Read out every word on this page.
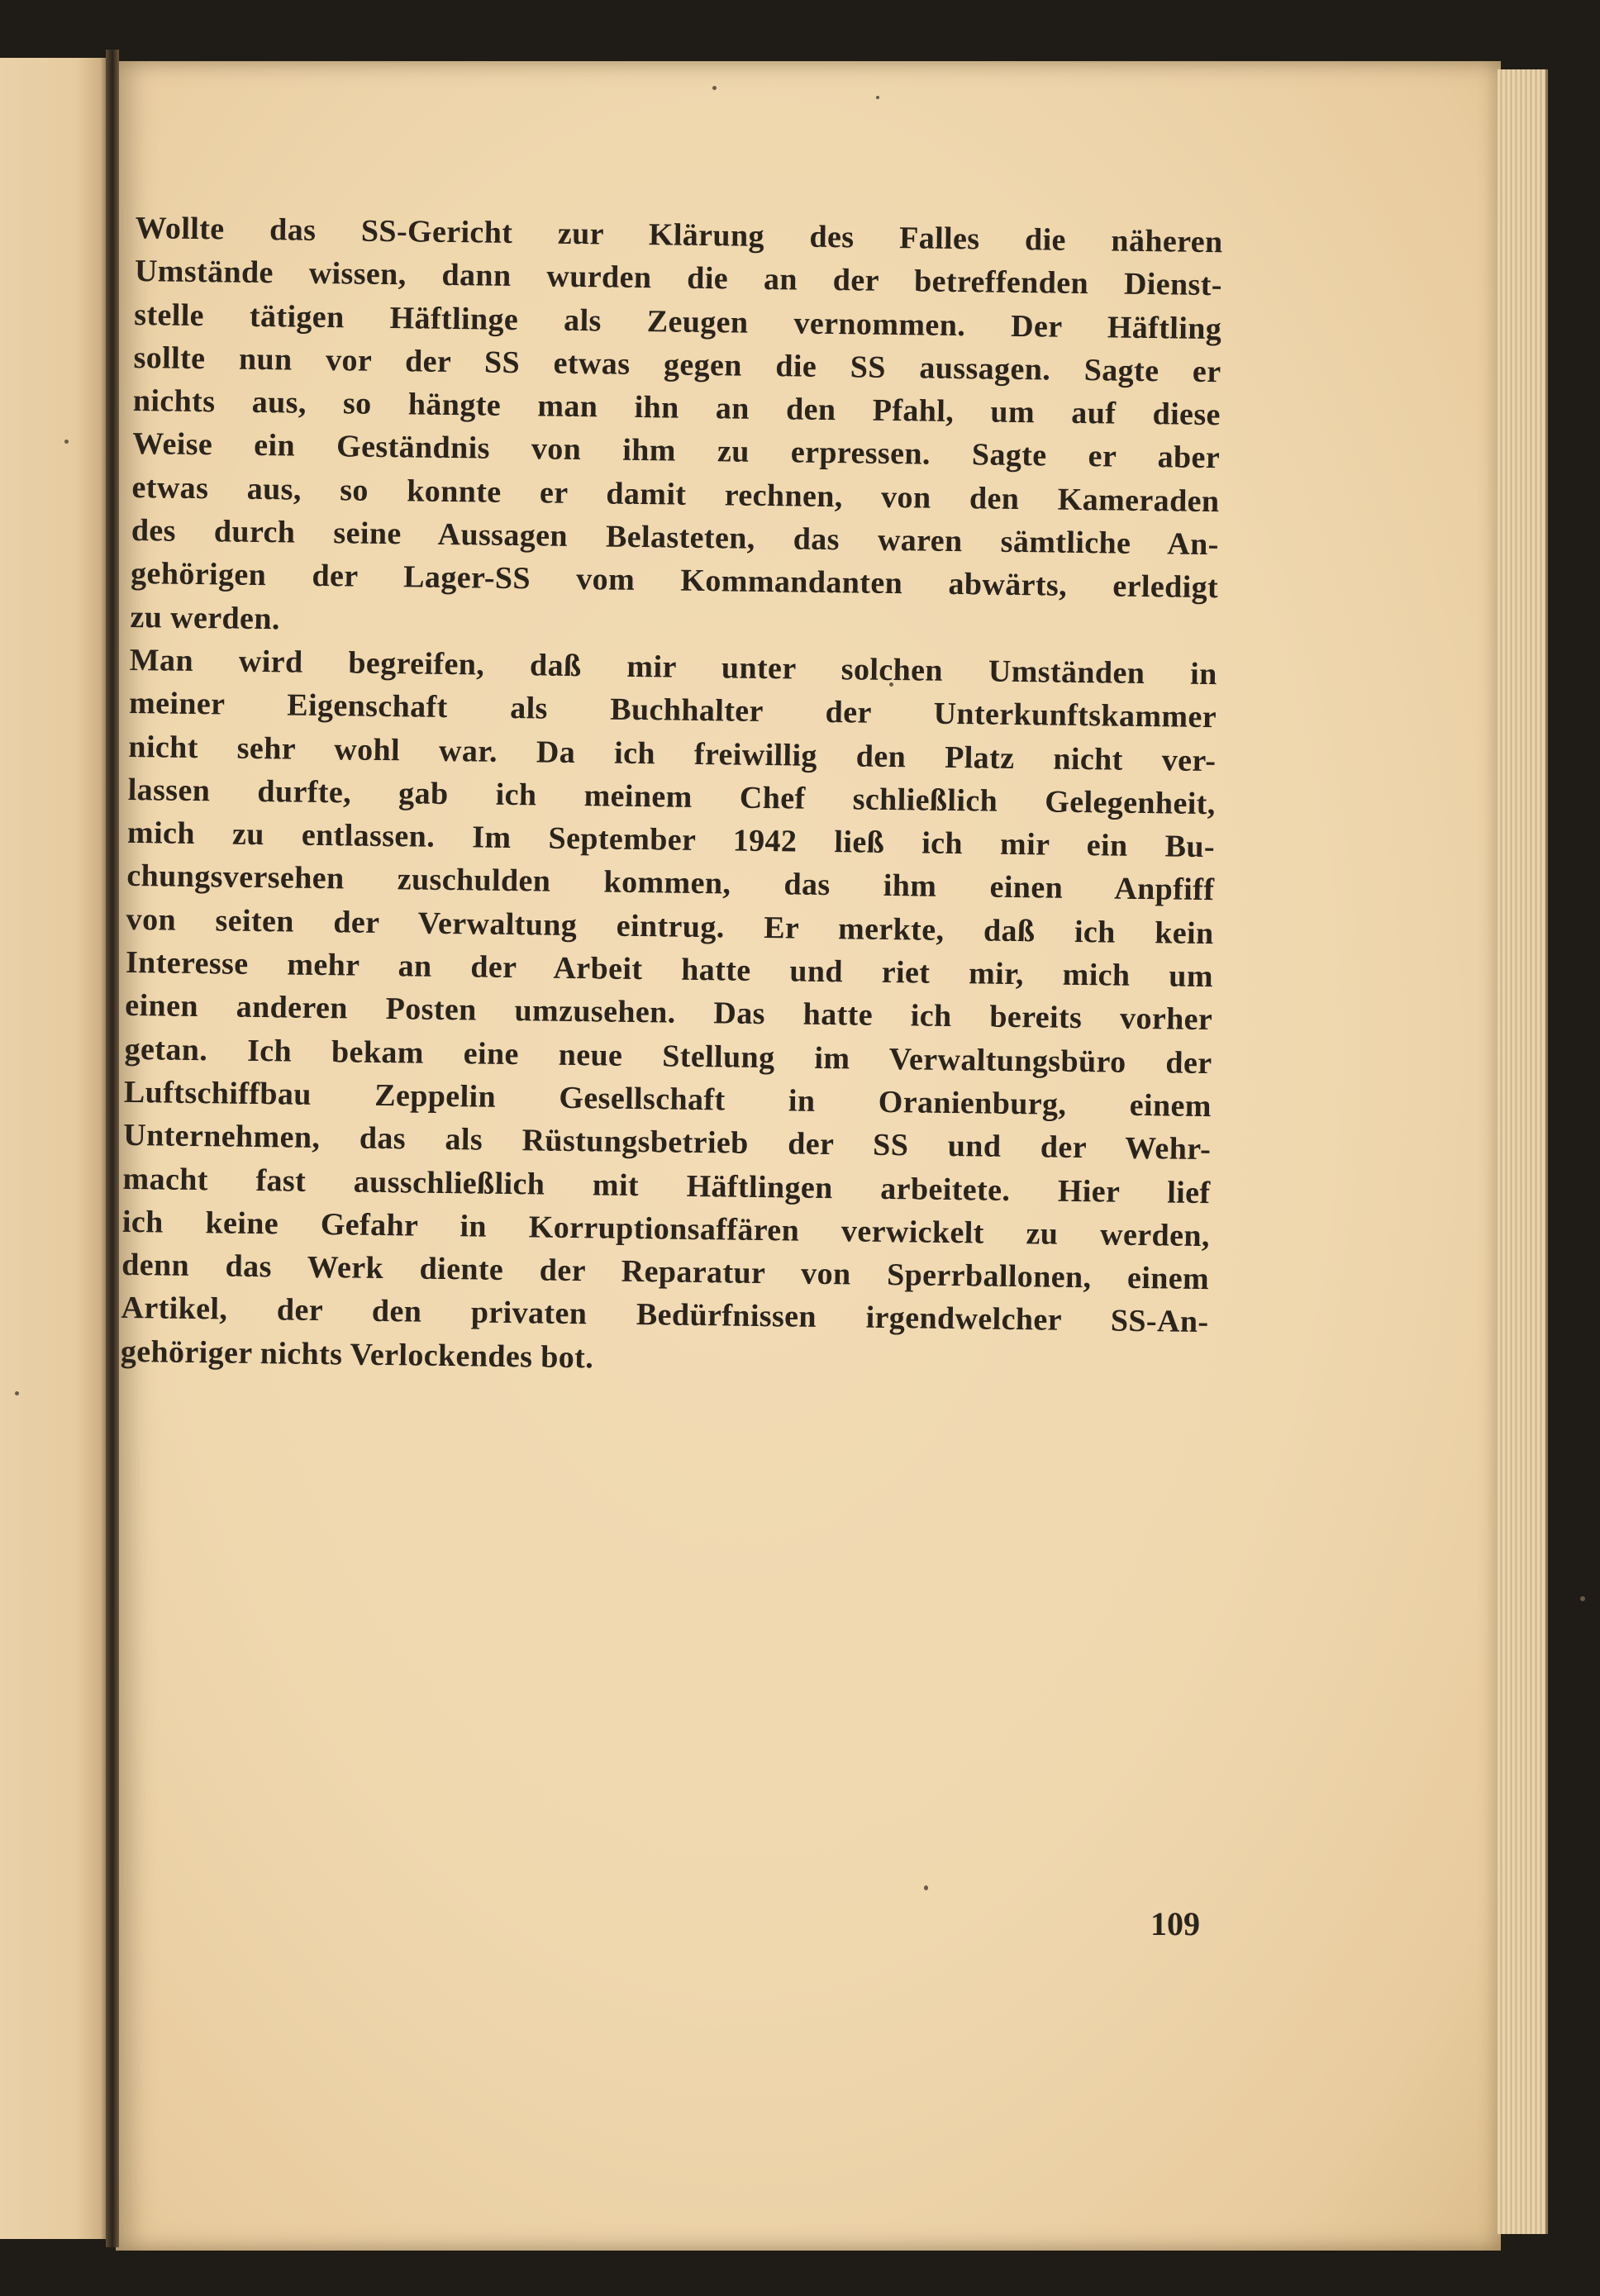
Wollte das SS-Gericht zur Klärung des Falles die näheren
Umstände wissen, dann wurden die an der betreffenden Dienst-
stelle tätigen Häftlinge als Zeugen vernommen. Der Häftling
sollte nun vor der SS etwas gegen die SS aussagen. Sagte er
nichts aus, so hängte man ihn an den Pfahl, um auf diese
Weise ein Geständnis von ihm zu erpressen. Sagte er aber
etwas aus, so konnte er damit rechnen, von den Kameraden
des durch seine Aussagen Belasteten, das waren sämtliche An-
gehörigen der Lager-SS vom Kommandanten abwärts, erledigt
zu werden.
Man wird begreifen, daß mir unter solchen Umständen in
meiner Eigenschaft als Buchhalter der Unterkunftskammer
nicht sehr wohl war. Da ich freiwillig den Platz nicht ver-
lassen durfte, gab ich meinem Chef schließlich Gelegenheit,
mich zu entlassen. Im September 1942 ließ ich mir ein Bu-
chungsversehen zuschulden kommen, das ihm einen Anpfiff
von seiten der Verwaltung eintrug. Er merkte, daß ich kein
Interesse mehr an der Arbeit hatte und riet mir, mich um
einen anderen Posten umzusehen. Das hatte ich bereits vorher
getan. Ich bekam eine neue Stellung im Verwaltungsbüro der
Luftschiffbau Zeppelin Gesellschaft in Oranienburg, einem
Unternehmen, das als Rüstungsbetrieb der SS und der Wehr-
macht fast ausschließlich mit Häftlingen arbeitete. Hier lief
ich keine Gefahr in Korruptionsaffären verwickelt zu werden,
denn das Werk diente der Reparatur von Sperrballonen, einem
Artikel, der den privaten Bedürfnissen irgendwelcher SS-An-
gehöriger nichts Verlockendes bot.
109
